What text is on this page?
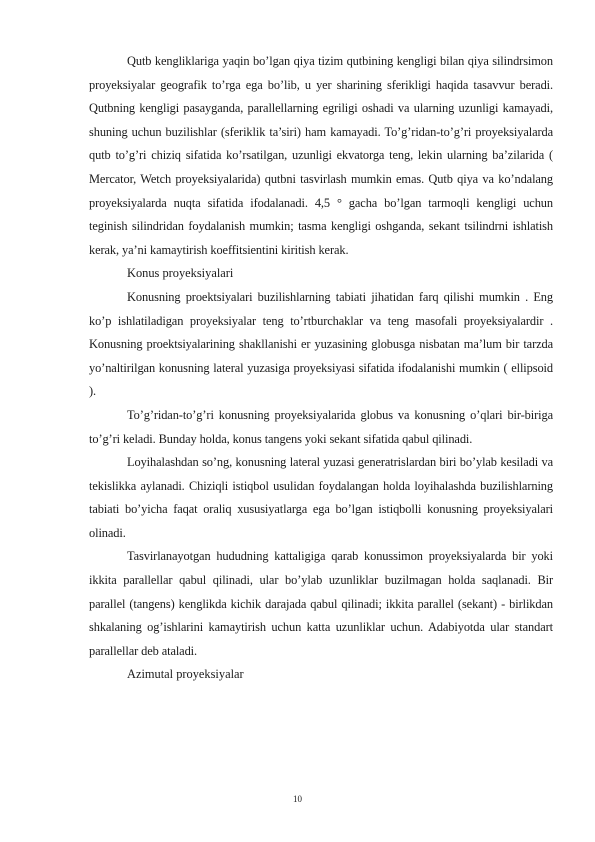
Qutb kengliklariga yaqin bo’lgan qiya tizim qutbining kengligi bilan qiya silindrsimon proyeksiyalar geografik to’rga ega bo’lib, u yer sharining sferikligi haqida tasavvur beradi. Qutbning kengligi pasayganda, parallellarning egriligi oshadi va ularning uzunligi kamayadi, shuning uchun buzilishlar (sferiklik ta’siri) ham kamayadi. To’g’ridan-to’g’ri proyeksiyalarda qutb to’g’ri chiziq sifatida ko’rsatilgan, uzunligi ekvatorga teng, lekin ularning ba’zilarida ( Mercator, Wetch proyeksiyalarida) qutbni tasvirlash mumkin emas. Qutb qiya va ko’ndalang proyeksiyalarda nuqta sifatida ifodalanadi. 4,5 ° gacha bo’lgan tarmoqli kengligi uchun teginish silindridan foydalanish mumkin; tasma kengligi oshganda, sekant tsilindrni ishlatish kerak, ya’ni kamaytirish koeffitsientini kiritish kerak.

Konus proyeksiyalari

Konusning proektsiyalari buzilishlarning tabiati jihatidan farq qilishi mumkin . Eng ko’p ishlatiladigan proyeksiyalar teng to’rtburchaklar va teng masofali proyeksiyalardir . Konusning proektsiyalarining shakllanishi er yuzasining globusga nisbatan ma’lum bir tarzda yo’naltirilgan konusning lateral yuzasiga proyeksiyasi sifatida ifodalanishi mumkin ( ellipsoid ).

To’g’ridan-to’g’ri konusning proyeksiyalarida globus va konusning o’qlari bir-biriga to’g’ri keladi. Bunday holda, konus tangens yoki sekant sifatida qabul qilinadi.

Loyihalashdan so’ng, konusning lateral yuzasi generatrislardan biri bo’ylab kesiladi va tekislikka aylanadi. Chiziqli istiqbol usulidan foydalangan holda loyihalashda buzilishlarning tabiati bo’yicha faqat oraliq xususiyatlarga ega bo’lgan istiqbolli konusning proyeksiyalari olinadi.

Tasvirlanayotgan hududning kattaligiga qarab konussimon proyeksiyalarda bir yoki ikkita parallellar qabul qilinadi, ular bo’ylab uzunliklar buzilmagan holda saqlanadi. Bir parallel (tangens) kenglikda kichik darajada qabul qilinadi; ikkita parallel (sekant) - birlikdan shkalaning og’ishlarini kamaytirish uchun katta uzunliklar uchun. Adabiyotda ular standart parallellar deb ataladi.

Azimutal proyeksiyalar

10
